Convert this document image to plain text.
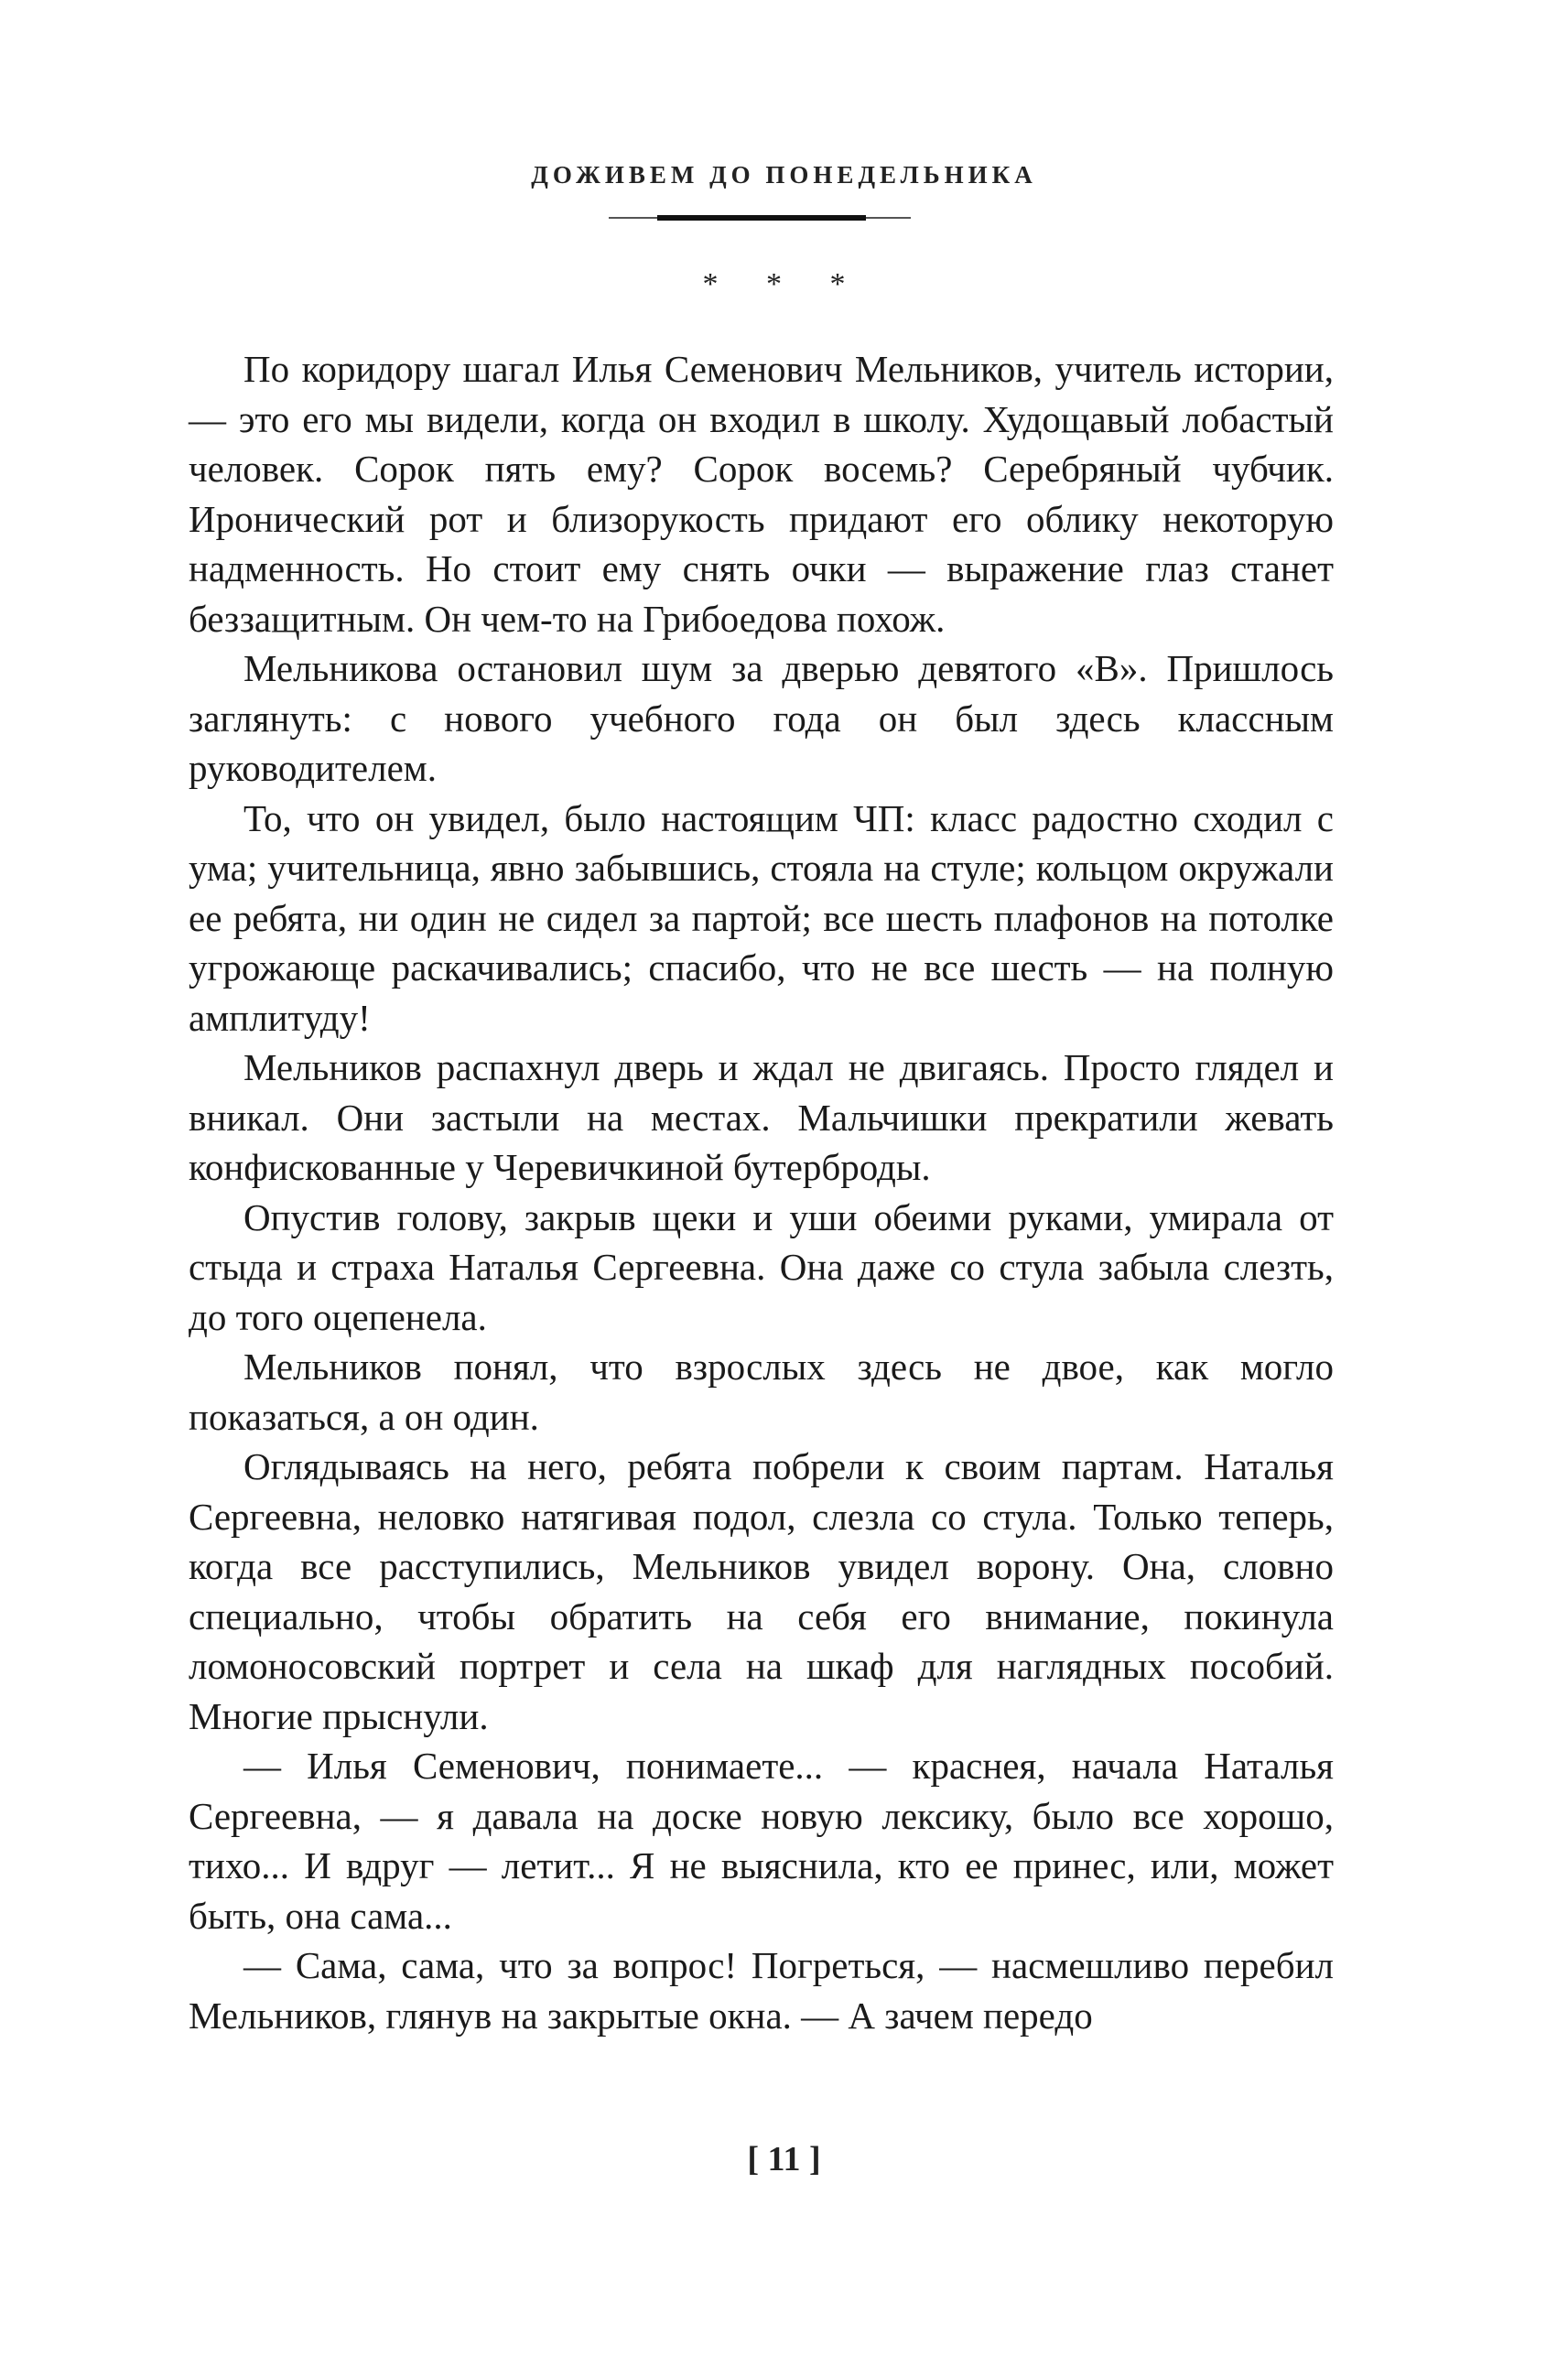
ДОЖИВЕМ ДО ПОНЕДЕЛЬНИКА
* * *

По коридору шагал Илья Семенович Мельников, учитель истории, — это его мы видели, когда он входил в школу. Худощавый лобастый человек. Сорок пять ему? Сорок восемь? Серебряный чубчик. Иронический рот и близорукость придают его облику некоторую надменность. Но стоит ему снять очки — выражение глаз станет беззащитным. Он чем-то на Грибоедова похож.

Мельникова остановил шум за дверью девятого «В». Пришлось заглянуть: с нового учебного года он был здесь классным руководителем.

То, что он увидел, было настоящим ЧП: класс радостно сходил с ума; учительница, явно забывшись, стояла на стуле; кольцом окружали ее ребята, ни один не сидел за партой; все шесть плафонов на потолке угрожающе раскачивались; спасибо, что не все шесть — на полную амплитуду!

Мельников распахнул дверь и ждал не двигаясь. Просто глядел и вникал. Они застыли на местах. Мальчишки прекратили жевать конфискованные у Черевичкиной бутерброды.

Опустив голову, закрыв щеки и уши обеими руками, умирала от стыда и страха Наталья Сергеевна. Она даже со стула забыла слезть, до того оцепенела.

Мельников понял, что взрослых здесь не двое, как могло показаться, а он один.

Оглядываясь на него, ребята побрели к своим партам. Наталья Сергеевна, неловко натягивая подол, слезла со стула. Только теперь, когда все расступились, Мельников увидел ворону. Она, словно специально, чтобы обратить на себя его внимание, покинула ломоносовский портрет и села на шкаф для наглядных пособий. Многие прыснули.

— Илья Семенович, понимаете... — краснея, начала Наталья Сергеевна, — я давала на доске новую лексику, было все хорошо, тихо... И вдруг — летит... Я не выяснила, кто ее принес, или, может быть, она сама...

— Сама, сама, что за вопрос! Погреться, — насмешливо перебил Мельников, глянув на закрытые окна. — А зачем передо

[ 11 ]
